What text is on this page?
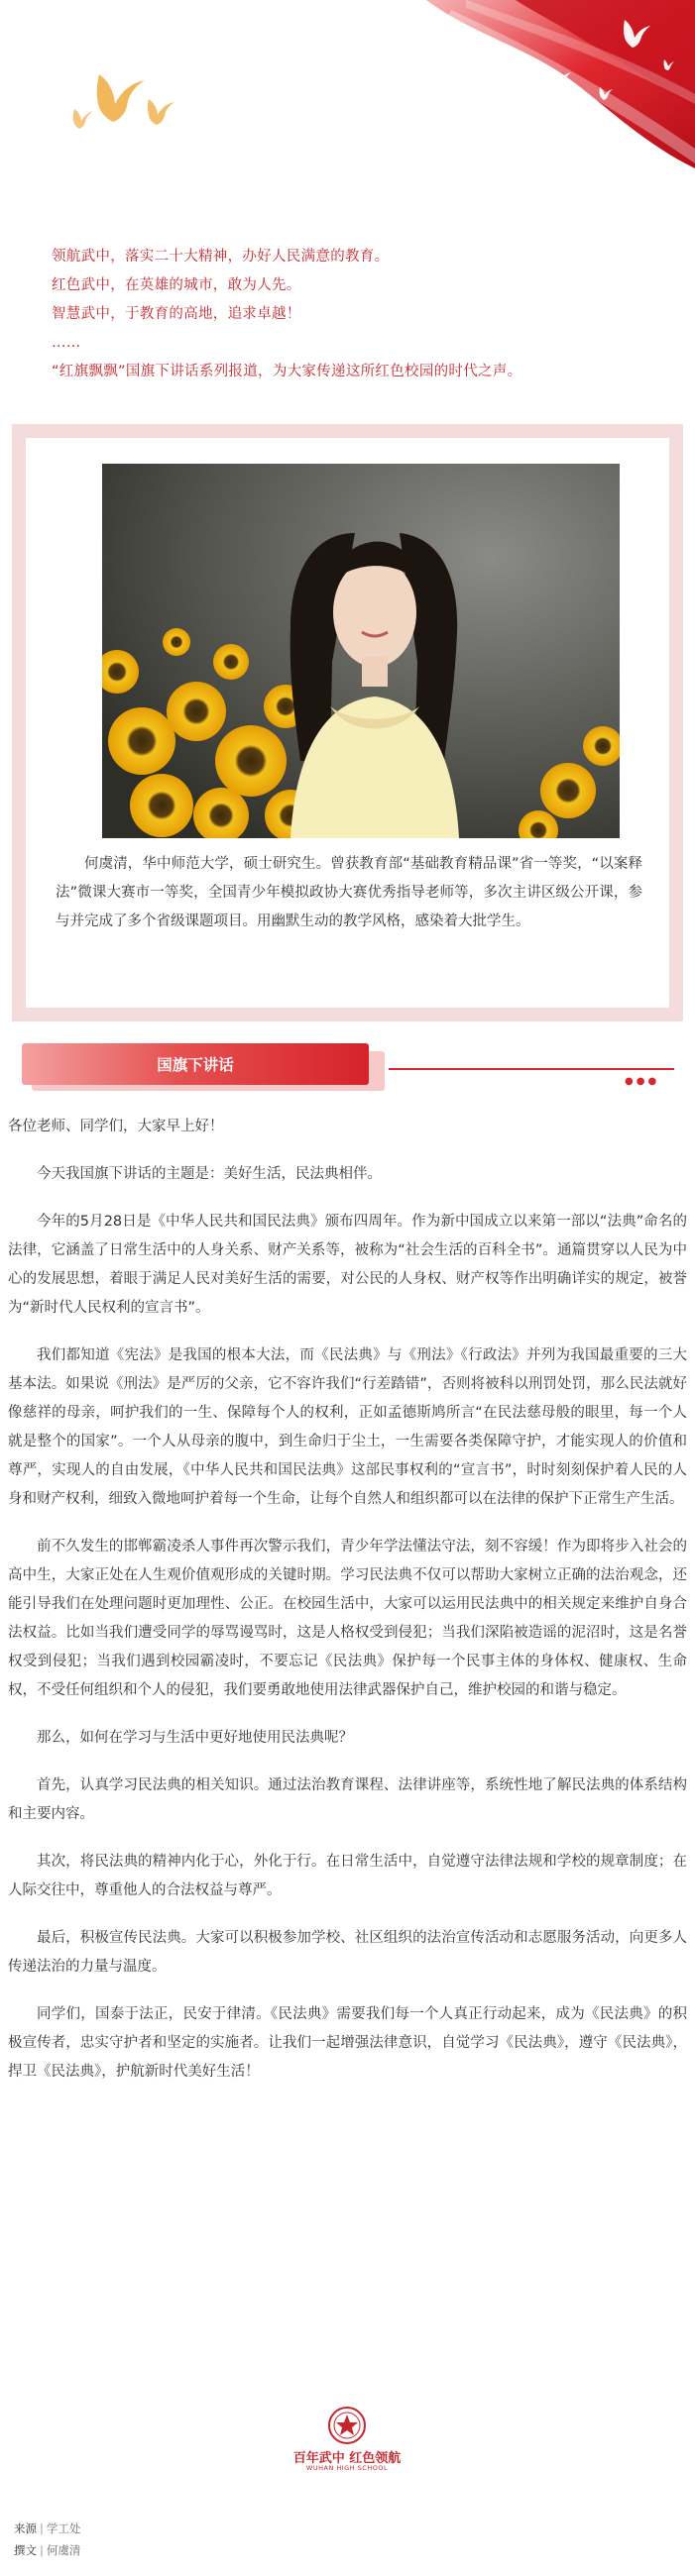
领航武中，落实二十大精神，办好人民满意的教育。

红色武中，在英雄的城市，敢为人先。

智慧武中，于教育的高地，追求卓越！

……

“红旗飘飘”国旗下讲话系列报道，为大家传递这所红色校园的时代之声。

何虞清，华中师范大学，硕士研究生。曾获教育部“基础教育精品课”省一等奖，“以案释法”微课大赛市一等奖，全国青少年模拟政协大赛优秀指导老师等，多次主讲区级公开课，参与并完成了多个省级课题项目。用幽默生动的教学风格，感染着大批学生。

国旗下讲话
●●●

各位老师、同学们，大家早上好！

今天我国旗下讲话的主题是：美好生活，民法典相伴。

今年的5月28日是《中华人民共和国民法典》颁布四周年。作为新中国成立以来第一部以“法典”命名的法律，它涵盖了日常生活中的人身关系、财产关系等，被称为“社会生活的百科全书”。通篇贯穿以人民为中心的发展思想，着眼于满足人民对美好生活的需要，对公民的人身权、财产权等作出明确详实的规定，被誉为“新时代人民权利的宣言书”。

我们都知道《宪法》是我国的根本大法，而《民法典》与《刑法》《行政法》并列为我国最重要的三大基本法。如果说《刑法》是严厉的父亲，它不容许我们“行差踏错”，否则将被科以刑罚处罚，那么民法就好像慈祥的母亲，呵护我们的一生、保障每个人的权利，正如孟德斯鸠所言“在民法慈母般的眼里，每一个人就是整个的国家”。一个人从母亲的腹中，到生命归于尘土，一生需要各类保障守护，才能实现人的价值和尊严，实现人的自由发展，《中华人民共和国民法典》这部民事权利的“宣言书”，时时刻刻保护着人民的人身和财产权利，细致入微地呵护着每一个生命，让每个自然人和组织都可以在法律的保护下正常生产生活。

前不久发生的邯郸霸凌杀人事件再次警示我们，青少年学法懂法守法，刻不容缓！作为即将步入社会的高中生，大家正处在人生观价值观形成的关键时期。学习民法典不仅可以帮助大家树立正确的法治观念，还能引导我们在处理问题时更加理性、公正。在校园生活中，大家可以运用民法典中的相关规定来维护自身合法权益。比如当我们遭受同学的辱骂谩骂时，这是人格权受到侵犯；当我们深陷被造谣的泥沼时，这是名誉权受到侵犯；当我们遇到校园霸凌时，不要忘记《民法典》保护每一个民事主体的身体权、健康权、生命权，不受任何组织和个人的侵犯，我们要勇敢地使用法律武器保护自己，维护校园的和谐与稳定。

那么，如何在学习与生活中更好地使用民法典呢？

首先，认真学习民法典的相关知识。通过法治教育课程、法律讲座等，系统性地了解民法典的体系结构和主要内容。

其次，将民法典的精神内化于心，外化于行。在日常生活中，自觉遵守法律法规和学校的规章制度；在人际交往中，尊重他人的合法权益与尊严。

最后，积极宣传民法典。大家可以积极参加学校、社区组织的法治宣传活动和志愿服务活动，向更多人传递法治的力量与温度。

同学们，国泰于法正，民安于律清。《民法典》需要我们每一个人真正行动起来，成为《民法典》的积极宣传者，忠实守护者和坚定的实施者。让我们一起增强法律意识，自觉学习《民法典》，遵守《民法典》，捍卫《民法典》，护航新时代美好生活！

百年武中 红色领航
WUHAN HIGH SCHOOL

来源 | 学工处

撰文 | 何虞清
